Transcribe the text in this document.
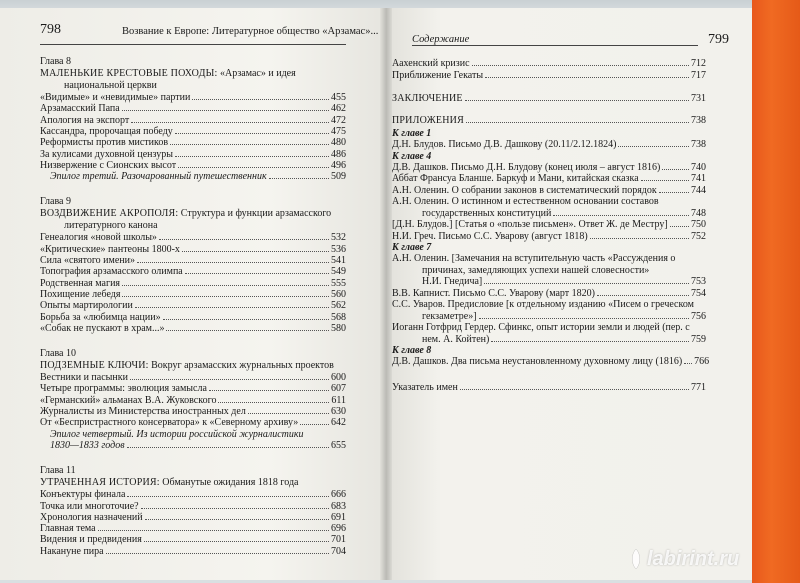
798	Возвание к Европе: Литературное общество «Арзамас»...
Глава 8
МАЛЕНЬКИЕ КРЕСТОВЫЕ ПОХОДЫ: «Арзамас» и идея
национальной церкви
«Видимые» и «невидимые» партии	455
Арзамасский Папа	462
Апология на экспорт	472
Кассандра, пророчащая победу	475
Реформисты против мистиков	480
За кулисами духовной цензуры	486
Низвержение с Сионских высот	496
Эпилог третий. Разочарованный путешественник	509
Глава 9
ВОЗДВИЖЕНИЕ АКРОПОЛЯ: Структура и функции арзамасского
литературного канона
Генеалогия «новой школы»	532
«Критические» пантеоны 1800-х	536
Сила «святого имени»	541
Топография арзамасского олимпа	549
Родственная магия	555
Похищение лебедя	560
Опыты мартирологии	562
Борьба за «любимца нации»	568
«Собак не пускают в храм...»	580
Глава 10
ПОДЗЕМНЫЕ КЛЮЧИ: Вокруг арзамасских журнальных проектов
Вестники и пасынки	600
Четыре программы: эволюция замысла	607
«Германский» альманах В.А. Жуковского	611
Журналисты из Министерства иностранных дел	630
От «Беспристрастного консерватора» к «Северному архиву»	642
Эпилог четвертый. Из истории российской журналистики
1830—1833 годов	655
Глава 11
УТРАЧЕННАЯ ИСТОРИЯ: Обманутые ожидания 1818 года
Конъектуры финала	666
Точка или многоточие?	683
Хронология назначений	691
Главная тема	696
Видения и предвидения	701
Накануне пира	704
Содержание	799
Аахенский кризис	712
Приближение Гекаты	717
ЗАКЛЮЧЕНИЕ	731
ПРИЛОЖЕНИЯ	738
К главе 1
Д.Н. Блудов. Письмо Д.В. Дашкову (20.11/2.12.1824)	738
К главе 4
Д.В. Дашков. Письмо Д.Н. Блудову (конец июля – август 1816)	740
Аббат Франсуа Бланше. Баркуф и Мани, китайская сказка	741
А.Н. Оленин. О собрании законов в систематический порядок	744
А.Н. Оленин. О истинном и естественном основании составов
государственных конституций	748
[Д.Н. Блудов.] [Статья о «пользе письмен». Ответ Ж. де Местру] 750
Н.И. Греч. Письмо С.С. Уварову (август 1818)	752
К главе 7
А.Н. Оленин. [Замечания на вступительную часть «Рассуждения о
причинах, замедляющих успехи нашей словесности»
Н.И. Гнедича]	753
В.В. Капнист. Письмо С.С. Уварову (март 1820)	754
С.С. Уваров. Предисловие [к отдельному изданию «Писем о греческом
гекзаметре»]	756
Иоганн Готфрид Гердер. Сфинкс, опыт истории земли и людей (пер. с
нем. А. Койтен)	759
К главе 8
Д.В. Дашков. Два письма неустановленному духовному лицу (1816) 766
Указатель имен	771
labirint.ru
